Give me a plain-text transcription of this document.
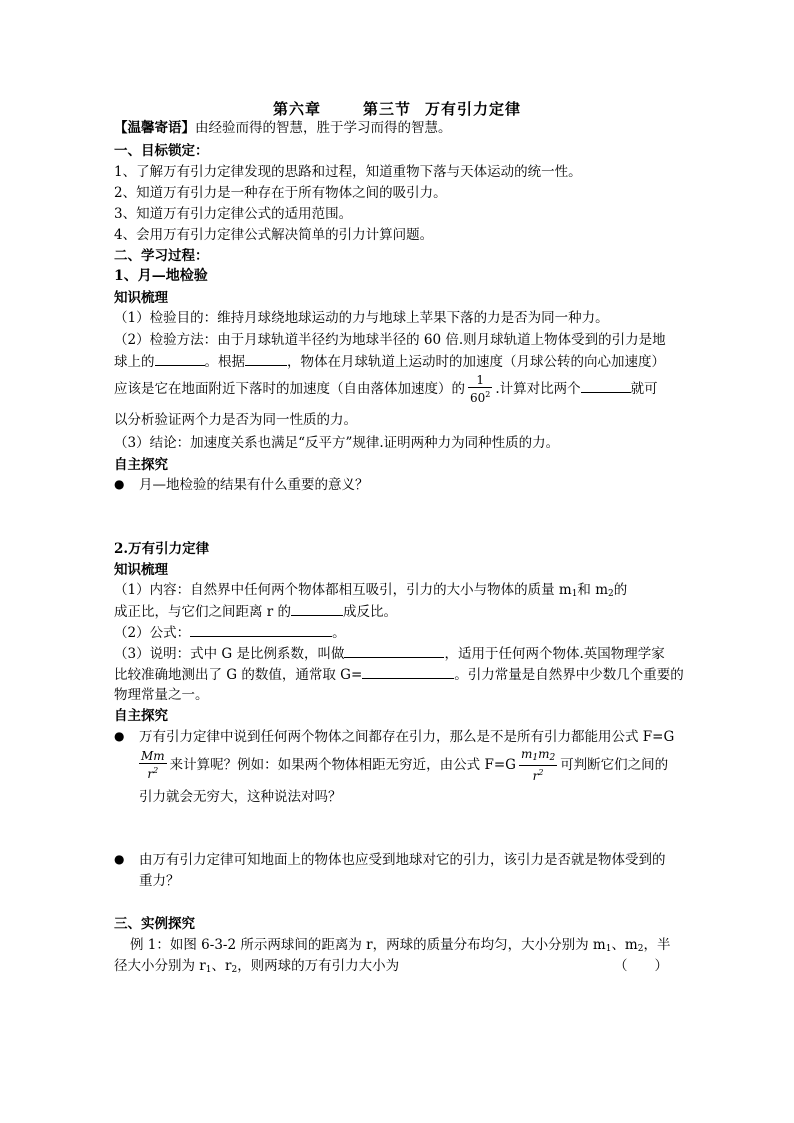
第六章	第三节 万有引力定律
【温馨寄语】由经验而得的智慧，胜于学习而得的智慧。
一、目标锁定：
1、了解万有引力定律发现的思路和过程，知道重物下落与天体运动的统一性。
2、知道万有引力是一种存在于所有物体之间的吸引力。
3、知道万有引力定律公式的适用范围。
4、会用万有引力定律公式解决简单的引力计算问题。
二、学习过程：
1、月—地检验
知识梳理
（1）检验目的：维持月球绕地球运动的力与地球上苹果下落的力是否为同一种力。
（2）检验方法：由于月球轨道半径约为地球半径的 60 倍.则月球轨道上物体受到的引力是地
球上的	。根据	，物体在月球轨道上运动时的加速度（月球公转的向心加速度）
应该是它在地面附近下落时的加速度（自由落体加速度）的 $\frac{1}{60^2}$ .计算对比两个	就可
以分析验证两个力是否为同一性质的力。
（3）结论：加速度关系也满足“反平方”规律.证明两种力为同种性质的力。
自主探究
● 月—地检验的结果有什么重要的意义？
2.万有引力定律
知识梳理
（1）内容：自然界中任何两个物体都相互吸引，引力的大小与物体的质量 $m_1$和 $m_2$的
成正比，与它们之间距离 r 的	成反比。
（2）公式：	。
（3）说明：式中 G 是比例系数，叫做	，适用于任何两个物体.英国物理学家
比较准确地测出了 G 的数值，通常取 G=	。引力常量是自然界中少数几个重要的
物理常量之一。
自主探究
● 万有引力定律中说到任何两个物体之间都存在引力，那么是不是所有引力都能用公式 F=G
$\frac{Mm}{r^2}$ 来计算呢？例如：如果两个物体相距无穷近，由公式 $F=G \frac{m_1m_2}{r^2}$ 可判断它们之间的
引力就会无穷大，这种说法对吗？
● 由万有引力定律可知地面上的物体也应受到地球对它的引力，该引力是否就是物体受到的
重力？
三、实例探究
例 1：如图 6-3-2 所示两球间的距离为 r，两球的质量分布均匀，大小分别为 $m_1$、$m_2$，半
径大小分别为 $r_1$、$r_2$，则两球的万有引力大小为	（　　）
